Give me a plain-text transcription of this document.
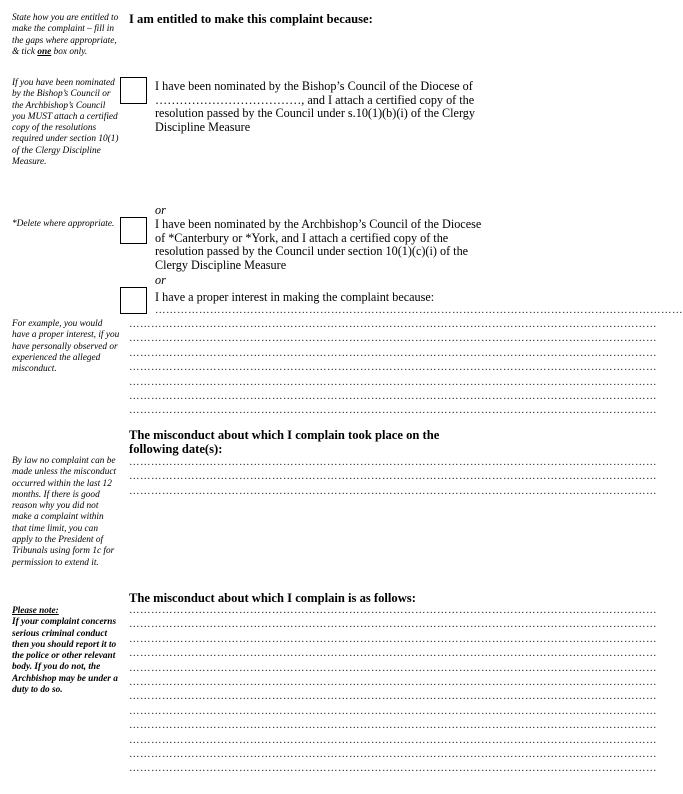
State how you are entitled to make the complaint – fill in the gaps where appropriate, & tick one box only.
If you have been nominated by the Bishop’s Council or the Archbishop’s Council you MUST attach a certified copy of the resolutions required under section 10(1) of the Clergy Discipline Measure.
*Delete where appropriate.
For example, you would have a proper interest, if you have personally observed or experienced the alleged misconduct.
By law no complaint can be made unless the misconduct occurred within the last 12 months. If there is good reason why you did not make a complaint within that time limit, you can apply to the President of Tribunals using form 1c for permission to extend it.
Please note:
If your complaint concerns serious criminal conduct then you should report it to the police or other relevant body. If you do not, the Archbishop may be under a duty to do so.
I am entitled to make this complaint because:
I have been nominated by the Bishop’s Council of the Diocese of ………………………………, and I attach a certified copy of the resolution passed by the Council under s.10(1)(b)(i) of the Clergy Discipline Measure
or
I have been nominated by the Archbishop’s Council of the Diocese of *Canterbury or *York, and I attach a certified copy of the resolution passed by the Council under section 10(1)(c)(i) of the Clergy Discipline Measure
or
I have a proper interest in making the complaint because:
………………………………………………………………………………………………………………………………
………………………………………………………………………………………………………………………………
………………………………………………………………………………………………………………………………
………………………………………………………………………………………………………………………………
………………………………………………………………………………………………………………………………
………………………………………………………………………………………………………………………………
………………………………………………………………………………………………………………………………
………………………………………………………………………………………………………………………………
The misconduct about which I complain took place on the following date(s):
………………………………………………………………………………………………………………………………
………………………………………………………………………………………………………………………………
………………………………………………………………………………………………………………………………
The misconduct about which I complain is as follows:
………………………………………………………………………………………………………………………………
………………………………………………………………………………………………………………………………
………………………………………………………………………………………………………………………………
………………………………………………………………………………………………………………………………
………………………………………………………………………………………………………………………………
………………………………………………………………………………………………………………………………
………………………………………………………………………………………………………………………………
………………………………………………………………………………………………………………………………
………………………………………………………………………………………………………………………………
………………………………………………………………………………………………………………………………
………………………………………………………………………………………………………………………………
………………………………………………………………………………………………………………………………
